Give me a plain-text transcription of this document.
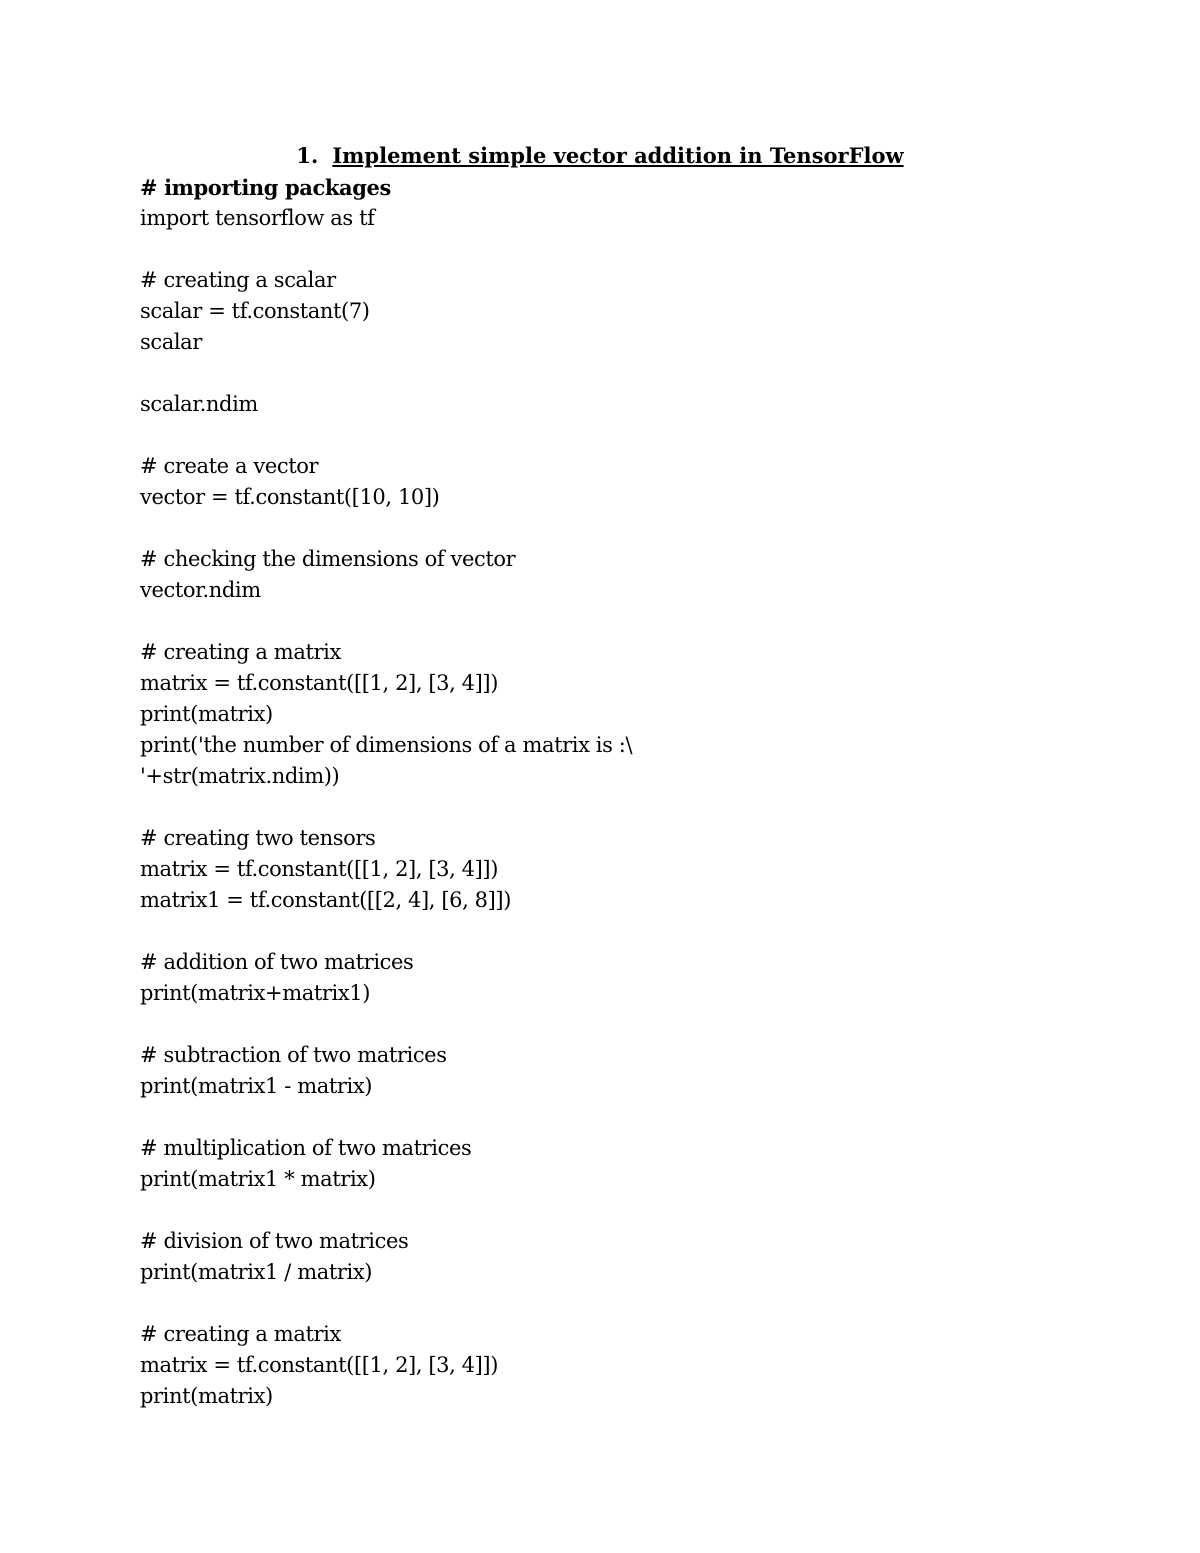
1. Implement simple vector addition in TensorFlow
# importing packages
import tensorflow as tf
# creating a scalar
scalar = tf.constant(7)
scalar
scalar.ndim
# create a vector
vector = tf.constant([10, 10])
# checking the dimensions of vector
vector.ndim
# creating a matrix
matrix = tf.constant([[1, 2], [3, 4]])
print(matrix)
print('the number of dimensions of a matrix is :\
'+str(matrix.ndim))
# creating two tensors
matrix = tf.constant([[1, 2], [3, 4]])
matrix1 = tf.constant([[2, 4], [6, 8]])
# addition of two matrices
print(matrix+matrix1)
# subtraction of two matrices
print(matrix1 - matrix)
# multiplication of two matrices
print(matrix1 * matrix)
# division of two matrices
print(matrix1 / matrix)
# creating a matrix
matrix = tf.constant([[1, 2], [3, 4]])
print(matrix)
